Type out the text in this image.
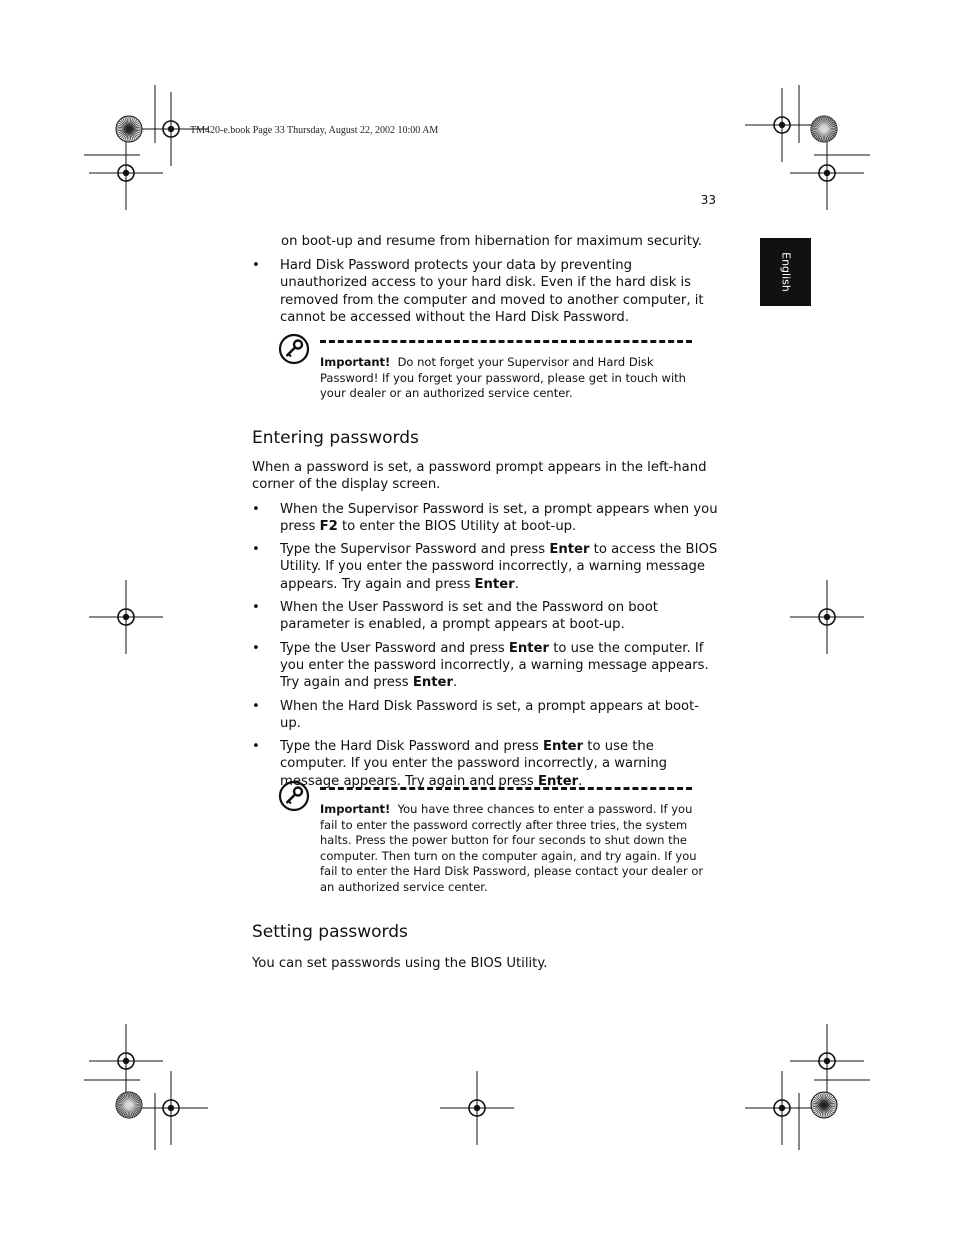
TM420-e.book Page 33 Thursday, August 22, 2002 10:00 AM
33
English

on boot-up and resume from hibernation for maximum security.

• Hard Disk Password protects your data by preventing unauthorized access to your hard disk. Even if the hard disk is removed from the computer and moved to another computer, it cannot be accessed without the Hard Disk Password.
Important! Do not forget your Supervisor and Hard Disk Password! If you forget your password, please get in touch with your dealer or an authorized service center.
Entering passwords

When a password is set, a password prompt appears in the left-hand corner of the display screen.

• When the Supervisor Password is set, a prompt appears when you press F2 to enter the BIOS Utility at boot-up.
• Type the Supervisor Password and press Enter to access the BIOS Utility. If you enter the password incorrectly, a warning message appears. Try again and press Enter.
• When the User Password is set and the Password on boot parameter is enabled, a prompt appears at boot-up.
• Type the User Password and press Enter to use the computer. If you enter the password incorrectly, a warning message appears. Try again and press Enter.
• When the Hard Disk Password is set, a prompt appears at boot-up.
• Type the Hard Disk Password and press Enter to use the computer. If you enter the password incorrectly, a warning message appears. Try again and press Enter.
Important! You have three chances to enter a password. If you fail to enter the password correctly after three tries, the system halts. Press the power button for four seconds to shut down the computer. Then turn on the computer again, and try again. If you fail to enter the Hard Disk Password, please contact your dealer or an authorized service center.
Setting passwords

You can set passwords using the BIOS Utility.
